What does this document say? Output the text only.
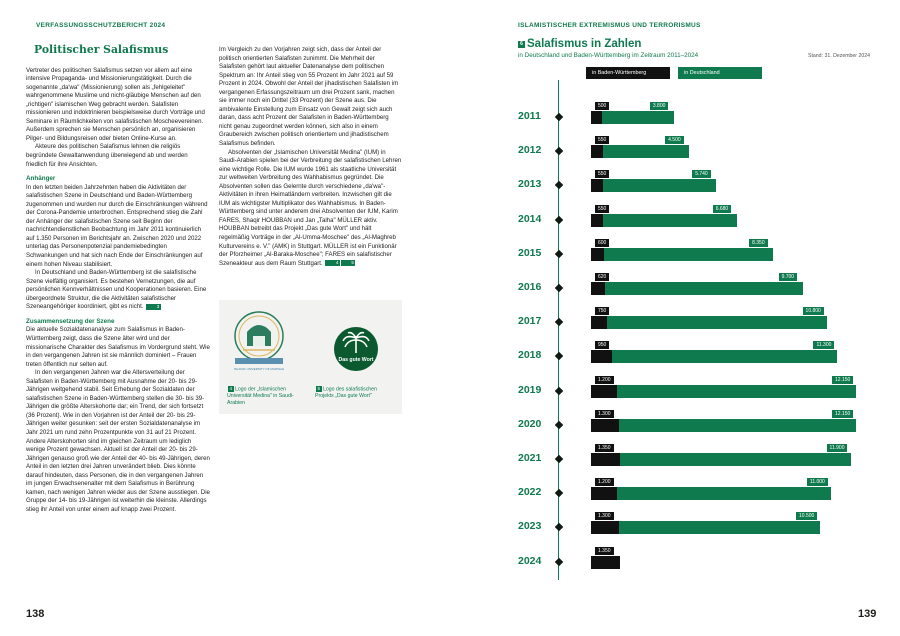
VERFASSUNGSSCHUTZBERICHT 2024
Politischer Salafismus

Vertreter des politischen Salafismus setzen vor allem auf eine intensive Propaganda- und Missionierungstätigkeit. Durch die sogenannte „da'wa" (Missionierung) sollen als „fehlgeleitet" wahrgenommene Muslime und nicht-gläubige Menschen auf den „richtigen" islamischen Weg gebracht werden. Salafisten missionieren und indoktrinieren beispielsweise durch Vorträge und Seminare in Räumlichkeiten von salafistischen Moscheevereinen. Außerdem sprechen sie Menschen persönlich an, organisieren Pilger- und Bildungsreisen oder bieten Online-Kurse an.

Akteure des politischen Salafismus lehnen die religiös begründete Gewaltanwendung überwiegend ab und werden friedlich für ihre Ansichten.

Anhänger

In den letzten beiden Jahrzehnten haben die Aktivitäten der salafistischen Szene in Deutschland und Baden-Württemberg zugenommen und wurden nur durch die Einschränkungen während der Corona-Pandemie unterbrochen. Entsprechend stieg die Zahl der Anhänger der salafistischen Szene seit Beginn der nachrichtendienstlichen Beobachtung im Jahr 2011 kontinuierlich auf 1.350 Personen im Berichtsjahr an. Zwischen 2020 und 2022 unterlag das Personenpotenzial pandemiebedingten Schwankungen und hat sich nach Ende der Einschränkungen auf einem hohen Niveau stabilisiert.

In Deutschland und Baden-Württemberg ist die salafistische Szene vielfältig organisiert. Es bestehen Vernetzungen, die auf persönlichen Kennverhältnissen und Kooperationen basieren. Eine übergeordnete Struktur, die die Aktivitäten salafistischer Szeneangehöriger koordiniert, gibt es nicht.	3

Zusammensetzung der Szene

Die aktuelle Sozialdatenanalyse zum Salafismus in Baden-Württemberg zeigt, dass die Szene älter wird und der missionarische Charakter des Salafismus im Vordergrund steht. Wie in den vergangenen Jahren ist sie männlich dominiert – Frauen treten öffentlich nur selten auf.

In den vergangenen Jahren war die Altersverteilung der Salafisten in Baden-Württemberg mit Ausnahme der 20- bis 29-Jährigen weitgehend stabil. Seit Erhebung der Sozialdaten der salafistischen Szene in Baden-Württemberg stellen die 30- bis 39-Jährigen die größte Alterskohorte dar; ein Trend, der sich fortsetzt (36 Prozent). Wie in den Vorjahren ist der Anteil der 20- bis 29-Jährigen weiter gesunken: seit der ersten Sozialdatenanalyse im Jahr 2021 um rund zehn Prozentpunkte von 31 auf 21 Prozent. Andere Alterskohorten sind im gleichen Zeitraum um lediglich wenige Prozent gewachsen. Aktuell ist der Anteil der 20- bis 29-Jährigen genauso groß wie der Anteil der 40- bis 49-Jährigen, deren Anteil in den letzten drei Jahren unverändert blieb. Dies könnte darauf hindeuten, dass Personen, die in den vergangenen Jahren im jungen Erwachsenenalter mit dem Salafismus in Berührung kamen, nach wenigen Jahren wieder aus der Szene ausstiegen. Die Gruppe der 14- bis 19-Jährigen ist weiterhin die kleinste. Allerdings stieg ihr Anteil von unter einem auf knapp zwei Prozent.

Im Vergleich zu den Vorjahren zeigt sich, dass der Anteil der politisch orientierten Salafisten zunimmt. Die Mehrheit der Salafisten gehört laut aktueller Datenanalyse dem politischen Spektrum an: Ihr Anteil stieg von 55 Prozent im Jahr 2021 auf 59 Prozent in 2024. Obwohl der Anteil der jihadistischen Salafisten im vergangenen Erfassungszeitraum um drei Prozent sank, machen sie immer noch ein Drittel (33 Prozent) der Szene aus. Die ambivalente Einstellung zum Einsatz von Gewalt zeigt sich auch daran, dass acht Prozent der Salafisten in Baden-Württemberg nicht genau zugeordnet werden können, sich also in einem Graubereich zwischen politisch orientiertem und jihadistischem Salafismus befinden.

Absolventen der „Islamischen Universität Medina" (IUM) in Saudi-Arabien spielen bei der Verbreitung der salafistischen Lehren eine wichtige Rolle. Die IUM wurde 1961 als staatliche Universität zur weltweiten Verbreitung des Wahhabismus gegründet. Die Absolventen sollen das Gelernte durch verschiedene „da'wa"-Aktivitäten in ihren Heimatländern verbreiten. Inzwischen gilt die IUM als wichtigster Multiplikator des Wahhabismus. In Baden-Württemberg sind unter anderem drei Absolventen der IUM, Karim FARES, Shaqir HOUBBAN und Jan „Talha" MÜLLER aktiv. HOUBBAN betreibt das Projekt „Das gute Wort" und hält regelmäßig Vorträge in der „Al-Umma-Moschee" des „Al-Maghreb Kulturvereins e. V." (AMK) in Stuttgart. MÜLLER ist ein Funktionär der Pforzheimer „Al-Baraka-Moschee"; FARES ein salafistischer Szeneakteur aus dem Raum Stuttgart.	4	5

ISLAMIC UNIVERSITY OF MADINAH
Das gute Wort
4 Logo der „Islamischen Universität Medina" in Saudi-Arabien
5 Logo des salafistischen Projekts „Das gute Wort"
138
ISLAMISTISCHER EXTREMISMUS UND TERRORISMUS
6 Salafismus in Zahlen
in Deutschland und Baden-Württemberg im Zeitraum 2011–2024	Stand: 31. Dezember 2024
in Baden-Württemberg	in Deutschland
2011
3.800
500
2012
4.500
550
2013
5.740
550
2014
6.680
550
2015
8.350
600
2016
9.700
620
2017
10.800
750
2018
11.300
950
2019
12.150
1.200
2020
12.150
1.300
2021
11.900
1.350
2022
11.000
1.200
2023
10.500
1.300
2024
1.350
139
